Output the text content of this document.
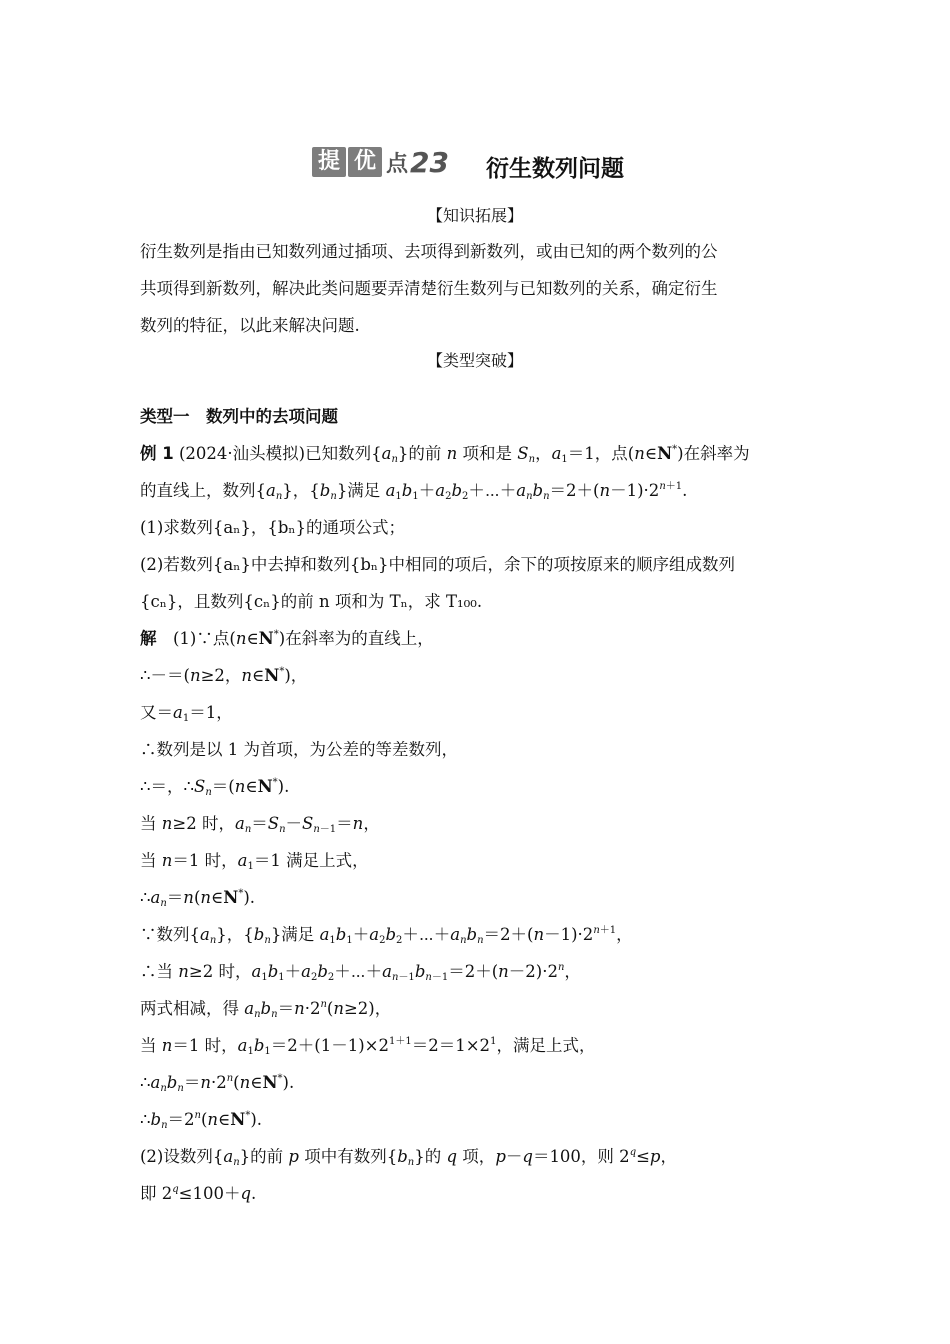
提 优 点 23 衍生数列问题
【知识拓展】
衍生数列是指由已知数列通过插项、去项得到新数列，或由已知的两个数列的公
共项得到新数列，解决此类问题要弄清楚衍生数列与已知数列的关系，确定衍生
数列的特征，以此来解决问题.
【类型突破】
类型一　数列中的去项问题
例 1 (2024·汕头模拟)已知数列$\{a_n\}$的前 n 项和是 $S_n$，$a_1=1$，点(n∈N*)在斜率为
的直线上，数列$\{a_n\}$，$\{b_n\}$满足 $a_1b_1+a_2b_2+\cdots+a_nb_n=2+(n-1)\cdot 2^{n+1}$.
(1)求数列{aₙ}，{bₙ}的通项公式；
(2)若数列{aₙ}中去掉和数列{bₙ}中相同的项后，余下的项按原来的顺序组成数列
{cₙ}，且数列{cₙ}的前 n 项和为 Tₙ，求 T₁₀₀.
解　(1)∵点(n∈N*)在斜率为的直线上，
∴－＝(n≥2，n∈N*)，
又$=a_1=1$，
∴数列是以 1 为首项，为公差的等差数列，
∴＝，$\therefore S_n=(n\in N^*)$.
当 n≥2 时，$a_n=S_n-S_{n-1}=n$，
当 n＝1 时，$a_1=1$ 满足上式，
$\therefore a_n=n(n\in N^*)$.
∵数列$\{a_n\}$，$\{b_n\}$满足 $a_1b_1+a_2b_2+\cdots+a_nb_n=2+(n-1)\cdot 2^{n+1}$，
∴当 n≥2 时，$a_1b_1+a_2b_2+\cdots+a_{n-1}b_{n-1}=2+(n-2)\cdot 2^n$，
两式相减，得 $a_nb_n=n\cdot 2^n(n\ge 2)$，
当 n＝1 时，$a_1b_1=2+(1-1)\times 2^{1+1}=2=1\times 2^1$，满足上式，
$\therefore a_nb_n=n\cdot 2^n(n\in N^*)$.
$\therefore b_n=2^n(n\in N^*)$.
(2)设数列$\{a_n\}$的前 p 项中有数列$\{b_n\}$的 q 项，p－q＝100，则 $2^q\le p$，
即 $2^q\le 100+q$.
